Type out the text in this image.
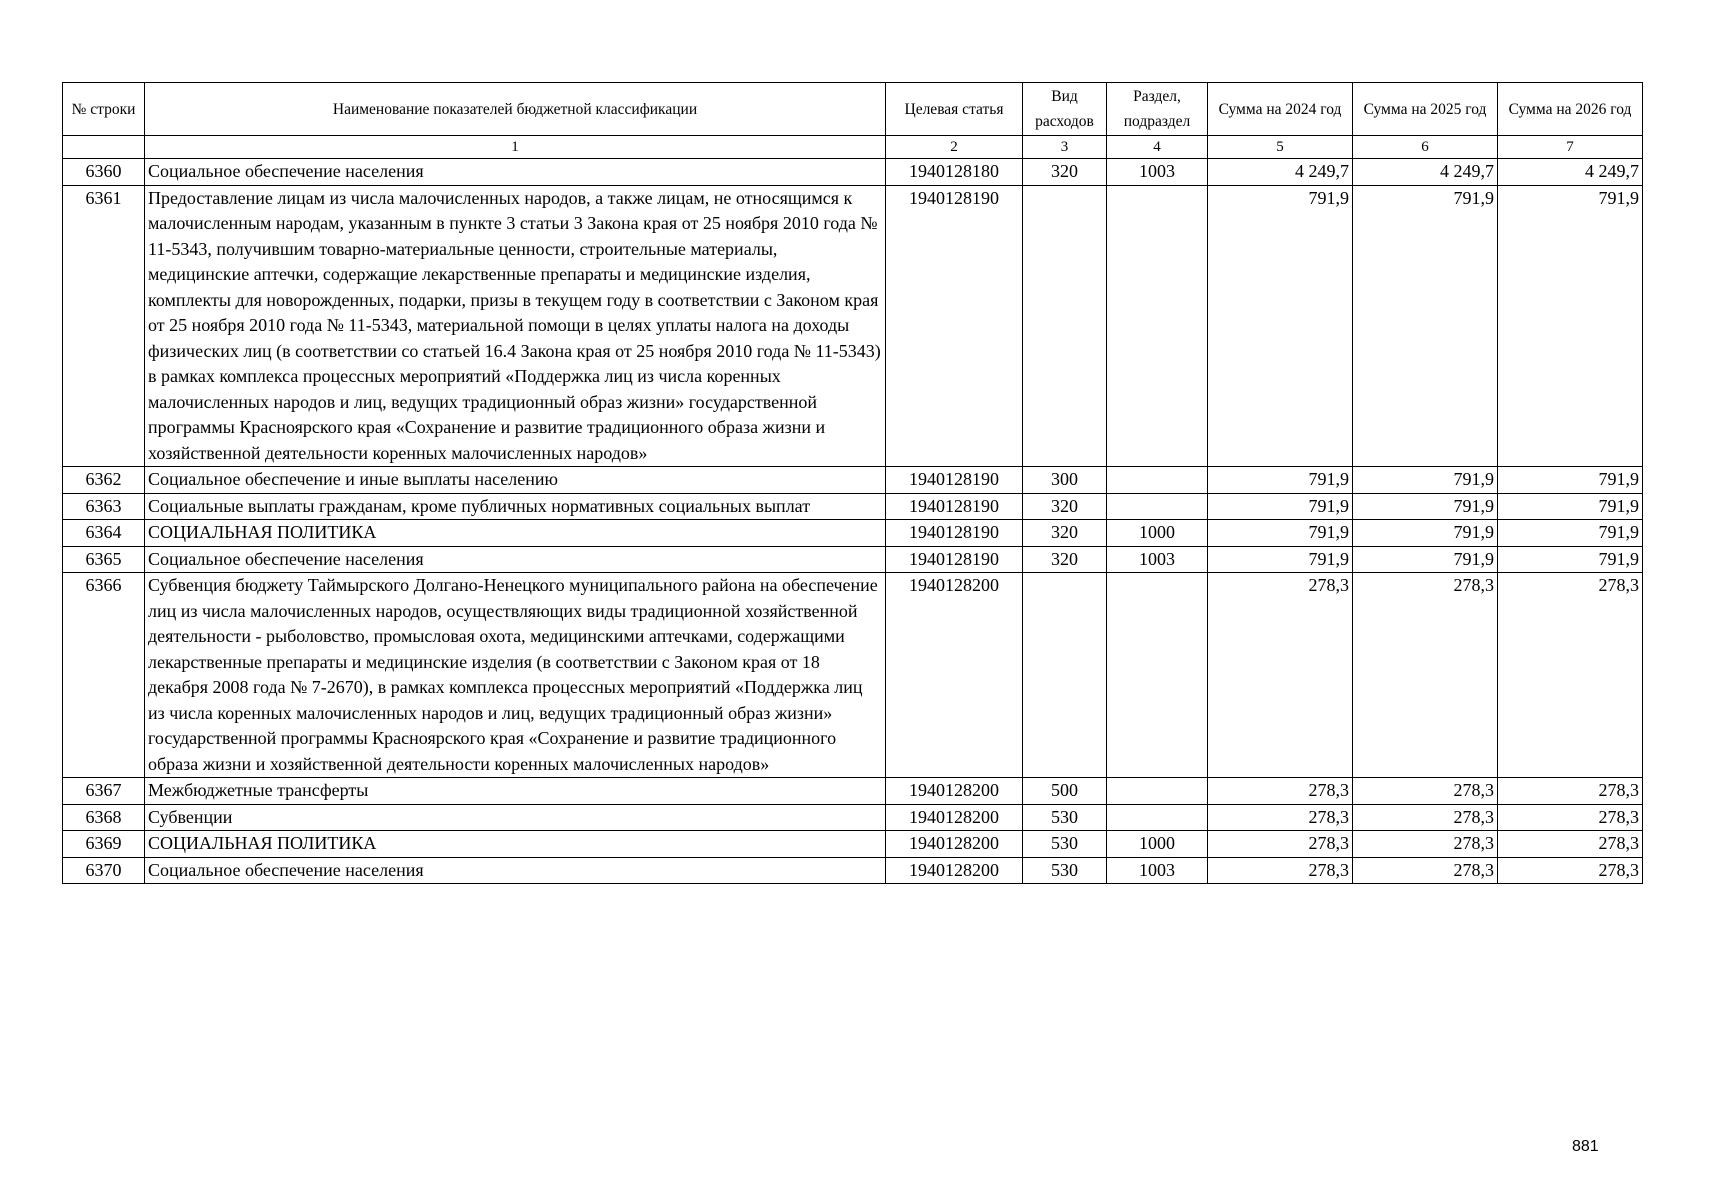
№ строки	Наименование показателей бюджетной классификации	Целевая статья	Вид расходов	Раздел, подраздел	Сумма на 2024 год	Сумма на 2025 год	Сумма на 2026 год
	1	2	3	4	5	6	7
6360	Социальное обеспечение населения	1940128180	320	1003	4 249,7	4 249,7	4 249,7
6361	Предоставление лицам из числа малочисленных народов, а также лицам, не относящимся к малочисленным народам, указанным в пункте 3 статьи 3 Закона края от 25 ноября 2010 года № 11-5343, получившим товарно-материальные ценности, строительные материалы, медицинские аптечки, содержащие лекарственные препараты и медицинские изделия, комплекты для новорожденных, подарки, призы в текущем году в соответствии с Законом края от 25 ноября 2010 года № 11-5343, материальной помощи в целях уплаты налога на доходы физических лиц (в соответствии со статьей 16.4 Закона края от 25 ноября 2010 года № 11-5343) в рамках комплекса процессных мероприятий «Поддержка лиц из числа коренных малочисленных народов и лиц, ведущих традиционный образ жизни» государственной программы Красноярского края «Сохранение и развитие традиционного образа жизни и хозяйственной деятельности коренных малочисленных народов»	1940128190			791,9	791,9	791,9
6362	Социальное обеспечение и иные выплаты населению	1940128190	300		791,9	791,9	791,9
6363	Социальные выплаты гражданам, кроме публичных нормативных социальных выплат	1940128190	320		791,9	791,9	791,9
6364	СОЦИАЛЬНАЯ ПОЛИТИКА	1940128190	320	1000	791,9	791,9	791,9
6365	Социальное обеспечение населения	1940128190	320	1003	791,9	791,9	791,9
6366	Субвенция бюджету Таймырского Долгано-Ненецкого муниципального района на обеспечение лиц из числа малочисленных народов, осуществляющих виды традиционной хозяйственной деятельности - рыболовство, промысловая охота, медицинскими аптечками, содержащими лекарственные препараты и медицинские изделия (в соответствии с Законом края от 18 декабря 2008 года № 7-2670), в рамках комплекса процессных мероприятий «Поддержка лиц из числа коренных малочисленных народов и лиц, ведущих традиционный образ жизни» государственной программы Красноярского края «Сохранение и развитие традиционного образа жизни и хозяйственной деятельности коренных малочисленных народов»	1940128200			278,3	278,3	278,3
6367	Межбюджетные трансферты	1940128200	500		278,3	278,3	278,3
6368	Субвенции	1940128200	530		278,3	278,3	278,3
6369	СОЦИАЛЬНАЯ ПОЛИТИКА	1940128200	530	1000	278,3	278,3	278,3
6370	Социальное обеспечение населения	1940128200	530	1003	278,3	278,3	278,3
881
